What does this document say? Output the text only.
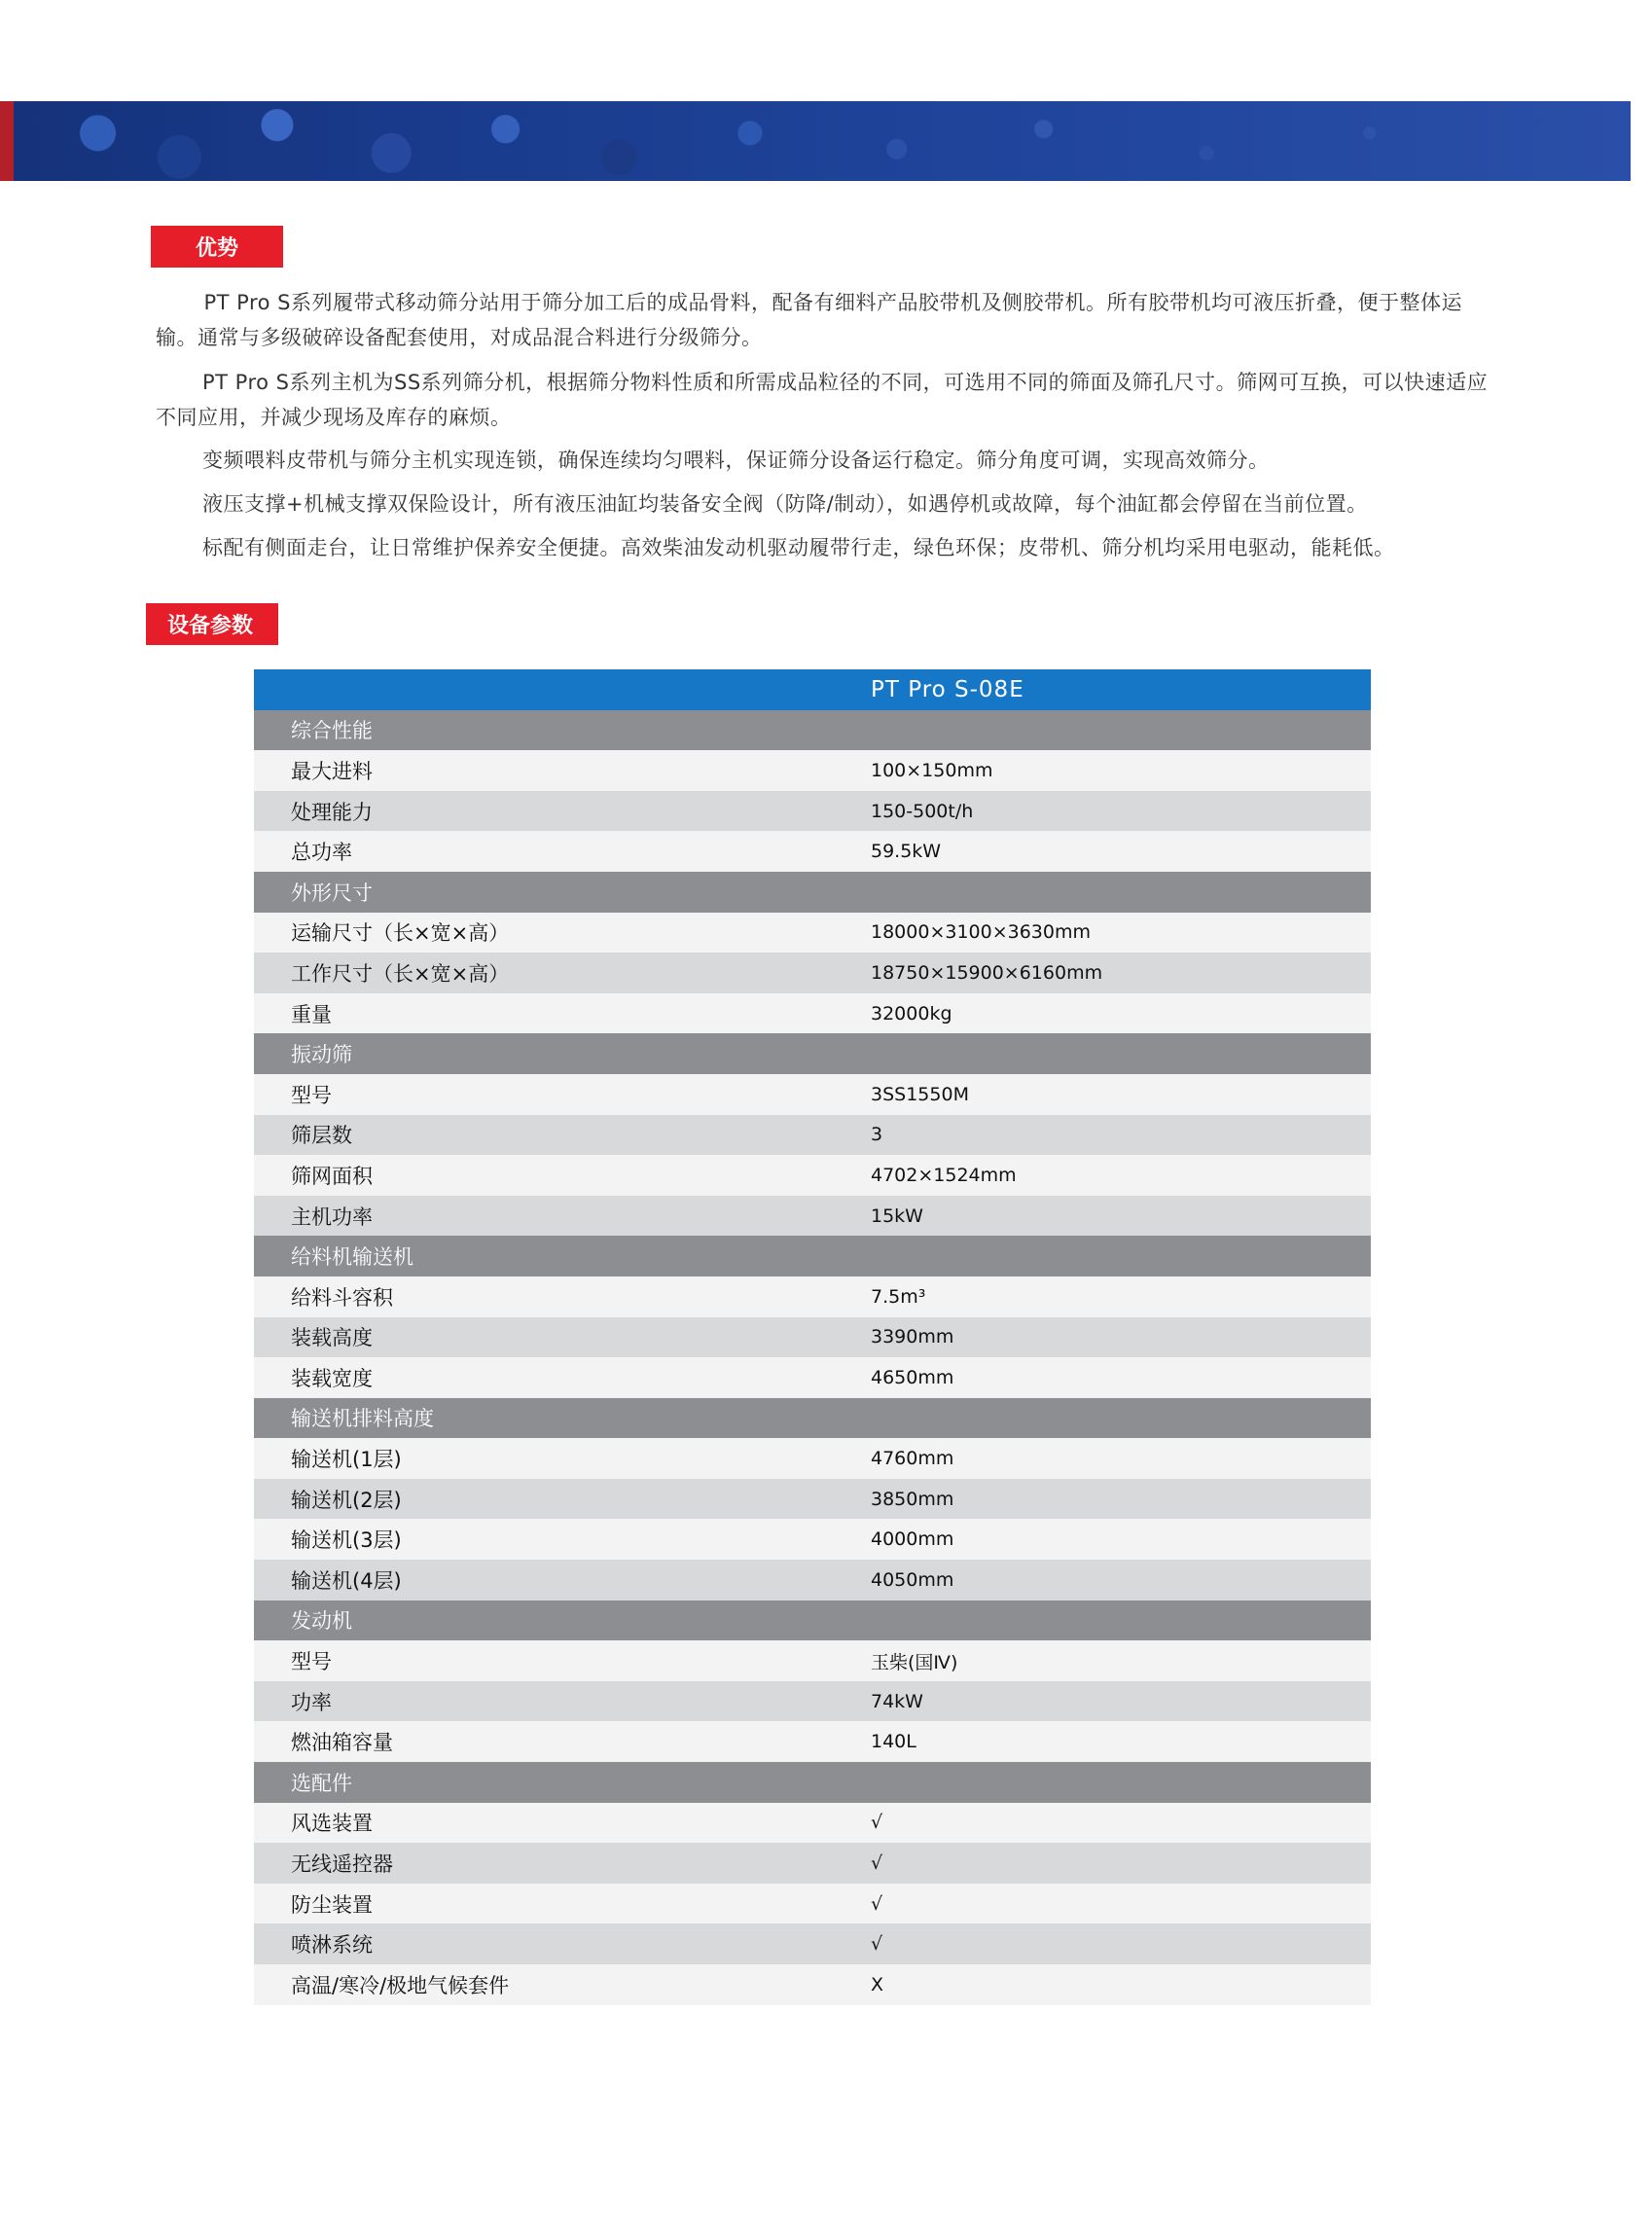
优势

　PT Pro S系列履带式移动筛分站用于筛分加工后的成品骨料，配备有细料产品胶带机及侧胶带机。所有胶带机均可液压折叠，便于整体运输。通常与多级破碎设备配套使用，对成品混合料进行分级筛分。

PT Pro S系列主机为SS系列筛分机，根据筛分物料性质和所需成品粒径的不同，可选用不同的筛面及筛孔尺寸。筛网可互换，可以快速适应不同应用，并减少现场及库存的麻烦。

变频喂料皮带机与筛分主机实现连锁，确保连续均匀喂料，保证筛分设备运行稳定。筛分角度可调，实现高效筛分。

液压支撑+机械支撑双保险设计，所有液压油缸均装备安全阀（防降/制动），如遇停机或故障，每个油缸都会停留在当前位置。

标配有侧面走台，让日常维护保养安全便捷。高效柴油发动机驱动履带行走，绿色环保；皮带机、筛分机均采用电驱动，能耗低。

设备参数
PT Pro S-08E
综合性能
最大进料	100×150mm
处理能力	150-500t/h
总功率	59.5kW
外形尺寸
运输尺寸（长×宽×高）	18000×3100×3630mm
工作尺寸（长×宽×高）	18750×15900×6160mm
重量	32000kg
振动筛
型号	3SS1550M
筛层数	3
筛网面积	4702×1524mm
主机功率	15kW
给料机输送机
给料斗容积	7.5m³
装载高度	3390mm
装载宽度	4650mm
输送机排料高度
输送机(1层)	4760mm
输送机(2层)	3850mm
输送机(3层)	4000mm
输送机(4层)	4050mm
发动机
型号	玉柴(国Ⅳ)
功率	74kW
燃油箱容量	140L
选配件
风选装置	√
无线遥控器	√
防尘装置	√
喷淋系统	√
高温/寒冷/极地气候套件	X
